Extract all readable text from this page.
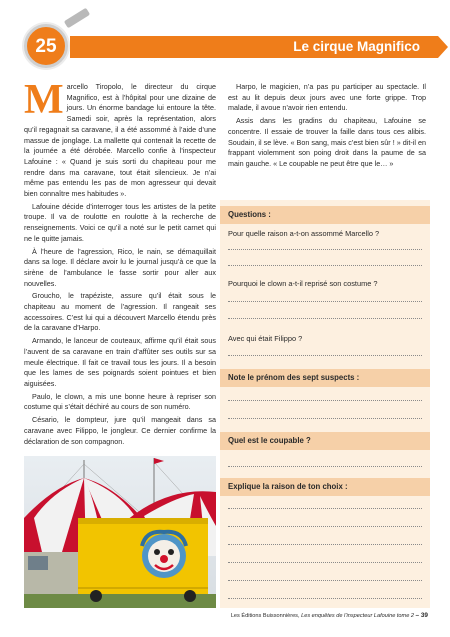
Le cirque Magnifico
25

Marcello Tiropolo, le directeur du cirque Magnifico, est à l’hôpital pour une dizaine de jours. Un énorme bandage lui entoure la tête. Samedi soir, après la représentation, alors qu’il regagnait sa caravane, il a été assommé à l’aide d’une massue de jonglage. La mallette qui contenait la recette de la journée a été dérobée. Marcello confie à l’inspecteur Lafouine : « Quand je suis sorti du chapiteau pour me rendre dans ma caravane, tout était silencieux. Je n’ai même pas entendu les pas de mon agresseur qui devait bien connaître mes habitudes ».

Lafouine décide d’interroger tous les artistes de la petite troupe. Il va de roulotte en roulotte à la recherche de renseignements. Voici ce qu’il a noté sur le petit carnet qui ne le quitte jamais.

À l’heure de l’agression, Rico, le nain, se démaquillait dans sa loge. Il déclare avoir lu le journal jusqu’à ce que la sirène de l’ambulance le fasse sortir pour aller aux nouvelles.

Groucho, le trapéziste, assure qu’il était sous le chapiteau au moment de l’agression. Il rangeait ses accessoires. C’est lui qui a découvert Marcello étendu près de la caravane d’Harpo.

Armando, le lanceur de couteaux, affirme qu’il était sous l’auvent de sa caravane en train d’affûter ses outils sur sa meule électrique. Il fait ce travail tous les jours. Il a besoin que les lames de ses poignards soient pointues et bien aiguisées.

Paulo, le clown, a mis une bonne heure à repriser son costume qui s’était déchiré au cours de son numéro.

Césario, le dompteur, jure qu’il mangeait dans sa caravane avec Filippo, le jongleur. Ce dernier confirme la déclaration de son compagnon.

Harpo, le magicien, n’a pas pu participer au spectacle. Il est au lit depuis deux jours avec une forte grippe. Trop malade, il avoue n’avoir rien entendu.

Assis dans les gradins du chapiteau, Lafouine se concentre. Il essaie de trouver la faille dans tous ces alibis. Soudain, il se lève. « Bon sang, mais c’est bien sûr ! » dit-il en frappant violemment son poing droit dans la paume de sa main gauche. « Le coupable ne peut être que le… »

Questions :
Pour quelle raison a-t-on assommé Marcello ?
Pourquoi le clown a-t-il reprisé son costume ?
Avec qui était Filippo ?
Note le prénom des sept suspects :
Quel est le coupable ?
Explique la raison de ton choix :
Les Éditions Buissonnières, Les enquêtes de l’inspecteur Lafouine tome 2 – 39
